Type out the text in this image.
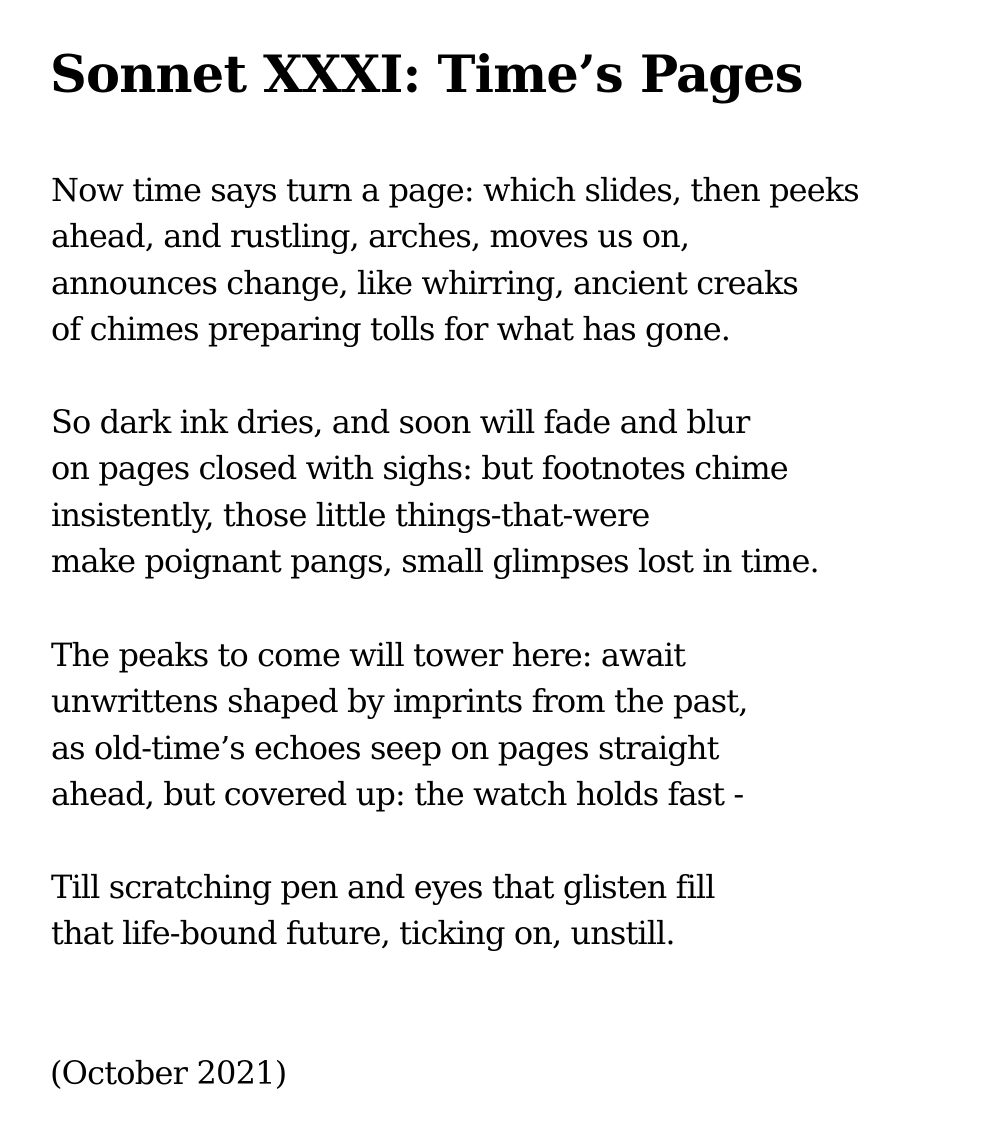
Sonnet XXXI: Time’s Pages
Now time says turn a page: which slides, then peeks
ahead, and rustling, arches, moves us on,
announces change, like whirring, ancient creaks
of chimes preparing tolls for what has gone.
So dark ink dries, and soon will fade and blur
on pages closed with sighs: but footnotes chime
insistently, those little things-that-were
make poignant pangs, small glimpses lost in time.
The peaks to come will tower here: await
unwrittens shaped by imprints from the past,
as old-time’s echoes seep on pages straight
ahead, but covered up: the watch holds fast -
Till scratching pen and eyes that glisten fill
that life-bound future, ticking on, unstill.

(October 2021)
